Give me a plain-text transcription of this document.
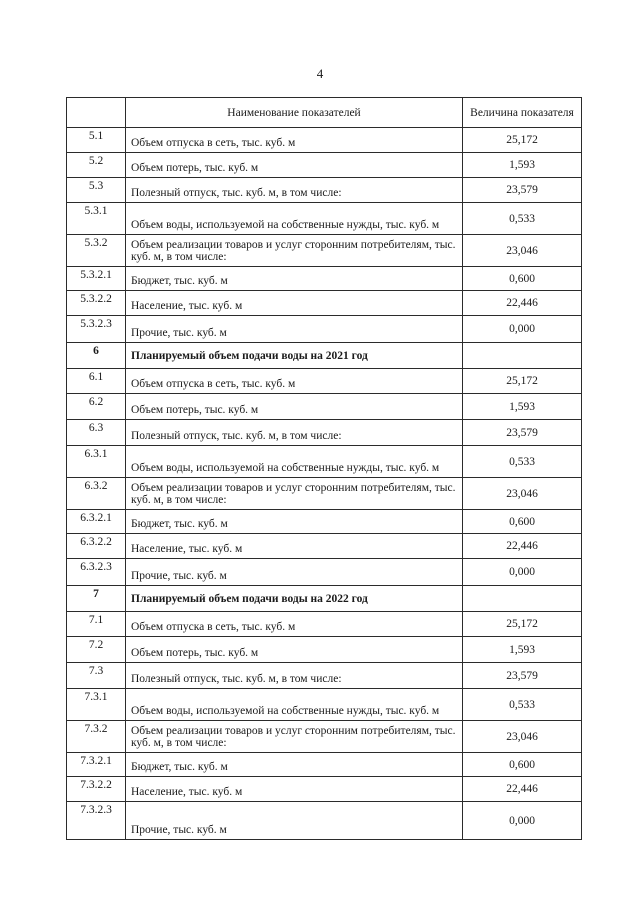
4
	Наименование показателей	Величина показателя
5.1	Объем отпуска в сеть, тыс. куб. м	25,172
5.2	Объем потерь, тыс. куб. м	1,593
5.3	Полезный отпуск, тыс. куб. м, в том числе:	23,579
5.3.1	Объем воды, используемой на собственные нужды, тыс. куб. м	0,533
5.3.2	Объем реализации товаров и услуг сторонним потребителям, тыс. куб. м, в том числе:	23,046
5.3.2.1	Бюджет, тыс. куб. м	0,600
5.3.2.2	Население, тыс. куб. м	22,446
5.3.2.3	Прочие, тыс. куб. м	0,000
6	Планируемый объем подачи воды на 2021 год	
6.1	Объем отпуска в сеть, тыс. куб. м	25,172
6.2	Объем потерь, тыс. куб. м	1,593
6.3	Полезный отпуск, тыс. куб. м, в том числе:	23,579
6.3.1	Объем воды, используемой на собственные нужды, тыс. куб. м	0,533
6.3.2	Объем реализации товаров и услуг сторонним потребителям, тыс. куб. м, в том числе:	23,046
6.3.2.1	Бюджет, тыс. куб. м	0,600
6.3.2.2	Население, тыс. куб. м	22,446
6.3.2.3	Прочие, тыс. куб. м	0,000
7	Планируемый объем подачи воды на 2022 год	
7.1	Объем отпуска в сеть, тыс. куб. м	25,172
7.2	Объем потерь, тыс. куб. м	1,593
7.3	Полезный отпуск, тыс. куб. м, в том числе:	23,579
7.3.1	Объем воды, используемой на собственные нужды, тыс. куб. м	0,533
7.3.2	Объем реализации товаров и услуг сторонним потребителям, тыс. куб. м, в том числе:	23,046
7.3.2.1	Бюджет, тыс. куб. м	0,600
7.3.2.2	Население, тыс. куб. м	22,446
7.3.2.3	Прочие, тыс. куб. м	0,000
